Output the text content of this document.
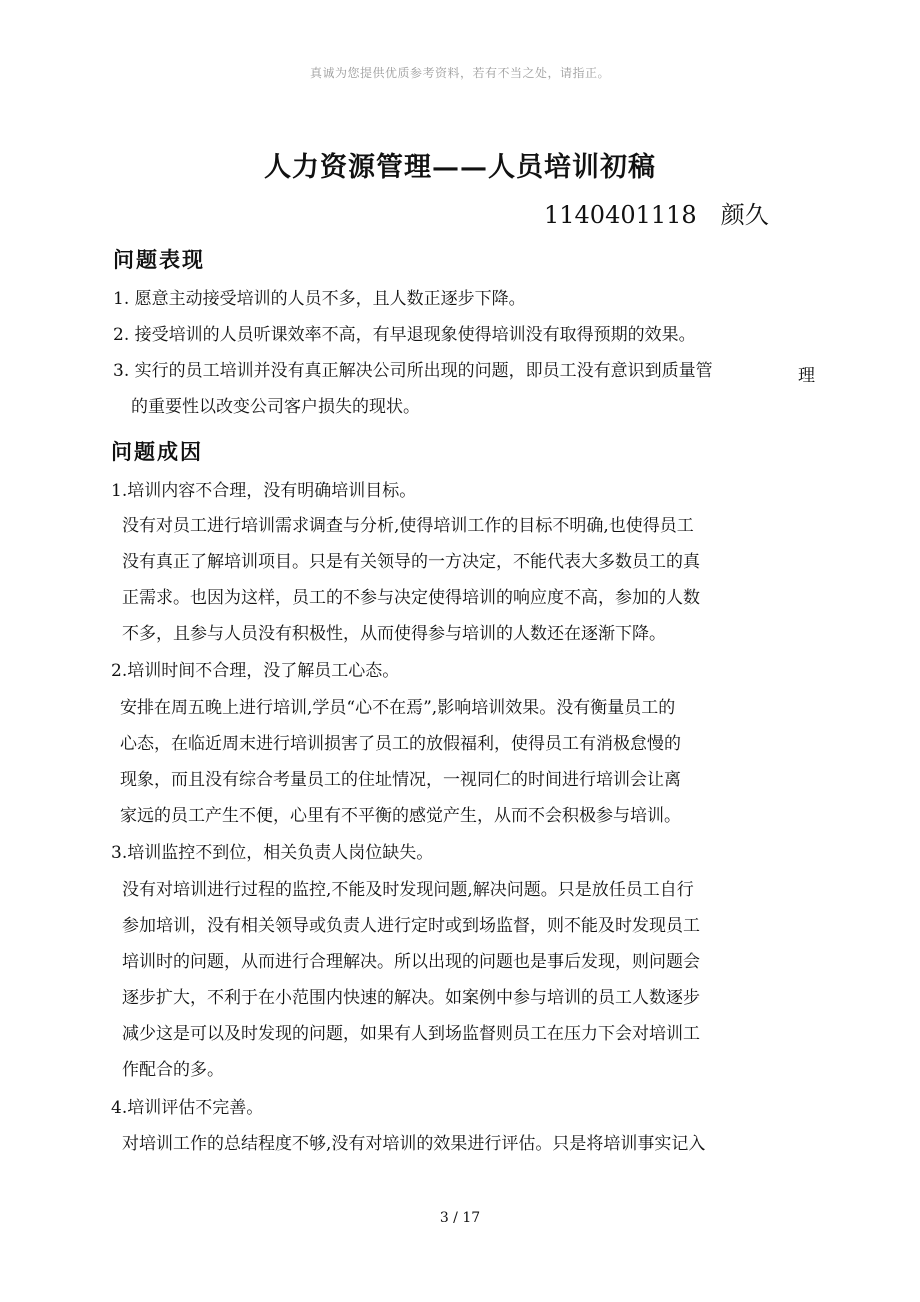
真诚为您提供优质参考资料，若有不当之处，请指正。
人力资源管理——人员培训初稿
1140401118 颜久
问题表现
1. 愿意主动接受培训的人员不多，且人数正逐步下降。
2. 接受培训的人员听课效率不高，有早退现象使得培训没有取得预期的效果。
3. 实行的员工培训并没有真正解决公司所出现的问题，即员工没有意识到质量管	理
的重要性以改变公司客户损失的现状。
问题成因
1.培训内容不合理，没有明确培训目标。
没有对员工进行培训需求调查与分析,使得培训工作的目标不明确,也使得员工
没有真正了解培训项目。只是有关领导的一方决定，不能代表大多数员工的真
正需求。也因为这样，员工的不参与决定使得培训的响应度不高，参加的人数
不多，且参与人员没有积极性，从而使得参与培训的人数还在逐渐下降。
2.培训时间不合理，没了解员工心态。
安排在周五晚上进行培训,学员“心不在焉”,影响培训效果。没有衡量员工的
心态，在临近周末进行培训损害了员工的放假福利，使得员工有消极怠慢的
现象，而且没有综合考量员工的住址情况，一视同仁的时间进行培训会让离
家远的员工产生不便，心里有不平衡的感觉产生，从而不会积极参与培训。
3.培训监控不到位，相关负责人岗位缺失。
没有对培训进行过程的监控,不能及时发现问题,解决问题。只是放任员工自行
参加培训，没有相关领导或负责人进行定时或到场监督，则不能及时发现员工
培训时的问题，从而进行合理解决。所以出现的问题也是事后发现，则问题会
逐步扩大，不利于在小范围内快速的解决。如案例中参与培训的员工人数逐步
减少这是可以及时发现的问题，如果有人到场监督则员工在压力下会对培训工
作配合的多。
4.培训评估不完善。
对培训工作的总结程度不够,没有对培训的效果进行评估。只是将培训事实记入
3 / 17
